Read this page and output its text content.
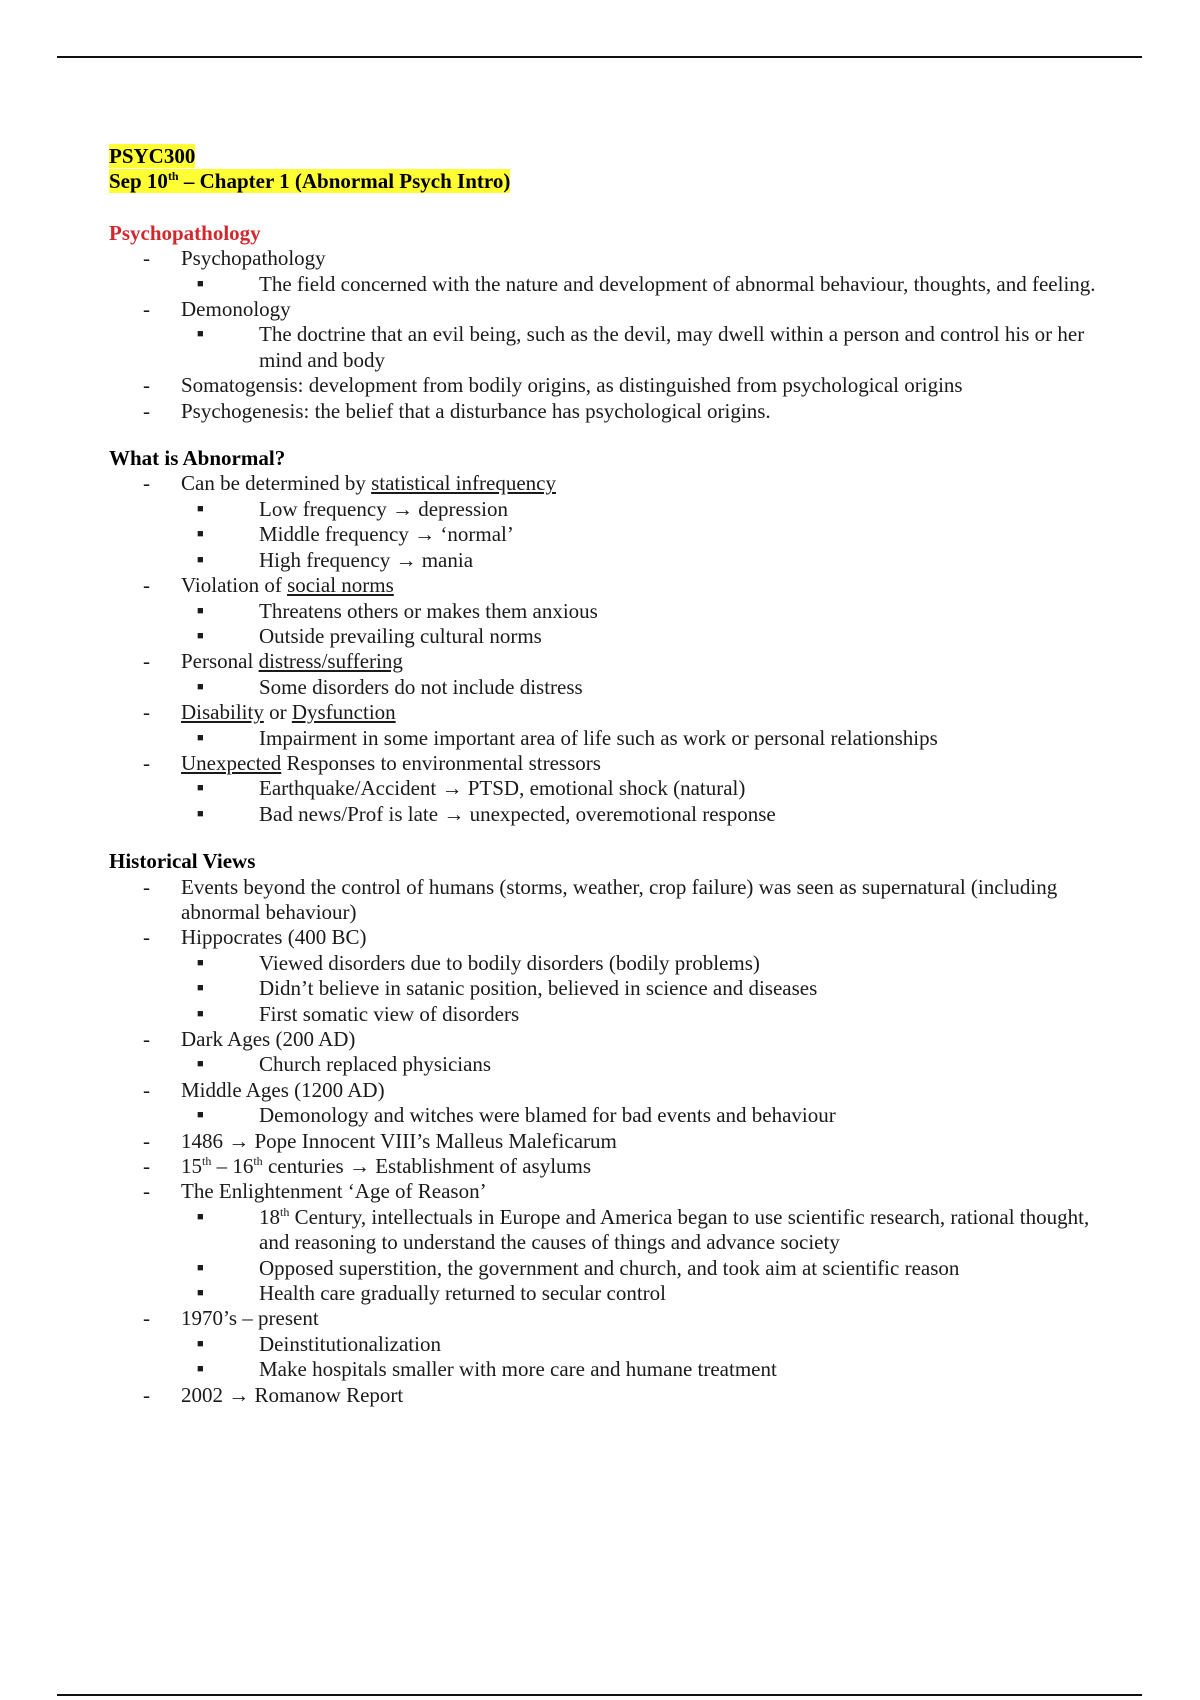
PSYC300
Sep 10th – Chapter 1 (Abnormal Psych Intro)
Psychopathology
-	Psychopathology
■	The field concerned with the nature and development of abnormal behaviour, thoughts, and feeling.
-	Demonology
■	The doctrine that an evil being, such as the devil, may dwell within a person and control his or her mind and body
-	Somatogensis: development from bodily origins, as distinguished from psychological origins
-	Psychogenesis: the belief that a disturbance has psychological origins.
What is Abnormal?
-	Can be determined by statistical infrequency
■	Low frequency → depression
■	Middle frequency → ‘normal’
■	High frequency → mania
-	Violation of social norms
■	Threatens others or makes them anxious
■	Outside prevailing cultural norms
-	Personal distress/suffering
■	Some disorders do not include distress
-	Disability or Dysfunction
■	Impairment in some important area of life such as work or personal relationships
-	Unexpected Responses to environmental stressors
■	Earthquake/Accident → PTSD, emotional shock (natural)
■	Bad news/Prof is late → unexpected, overemotional response
Historical Views
-	Events beyond the control of humans (storms, weather, crop failure) was seen as supernatural (including abnormal behaviour)
-	Hippocrates (400 BC)
■	Viewed disorders due to bodily disorders (bodily problems)
■	Didn’t believe in satanic position, believed in science and diseases
■	First somatic view of disorders
-	Dark Ages (200 AD)
■	Church replaced physicians
-	Middle Ages (1200 AD)
■	Demonology and witches were blamed for bad events and behaviour
-	1486 → Pope Innocent VIII’s Malleus Maleficarum
-	15th – 16th centuries → Establishment of asylums
-	The Enlightenment ‘Age of Reason’
■	18th Century, intellectuals in Europe and America began to use scientific research, rational thought, and reasoning to understand the causes of things and advance society
■	Opposed superstition, the government and church, and took aim at scientific reason
■	Health care gradually returned to secular control
-	1970’s – present
■	Deinstitutionalization
■	Make hospitals smaller with more care and humane treatment
-	2002 → Romanow Report
